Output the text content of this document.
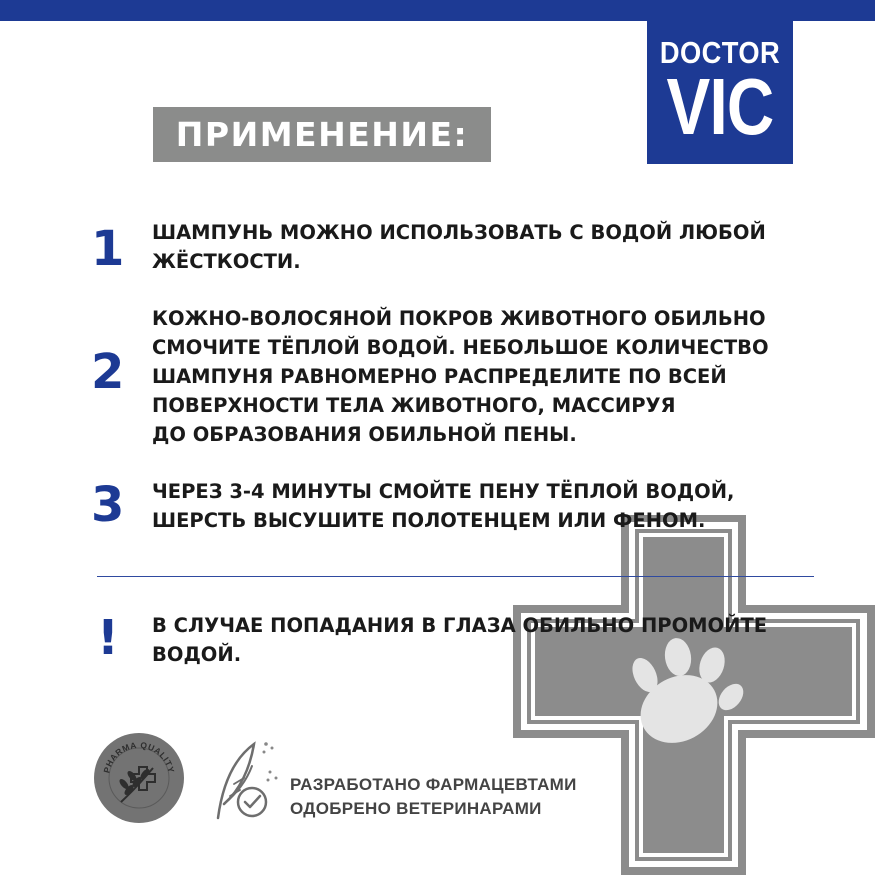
DOCTOR
VIC
ПРИМЕНЕНИЕ:
1 ШАМПУНЬ МОЖНО ИСПОЛЬЗОВАТЬ С ВОДОЙ ЛЮБОЙ
ЖЁСТКОСТИ.
2
КОЖНО-ВОЛОСЯНОЙ ПОКРОВ ЖИВОТНОГО ОБИЛЬНО
СМОЧИТЕ ТЁПЛОЙ ВОДОЙ. НЕБОЛЬШОЕ КОЛИЧЕСТВО
ШАМПУНЯ РАВНОМЕРНО РАСПРЕДЕЛИТЕ ПО ВСЕЙ
ПОВЕРХНОСТИ ТЕЛА ЖИВОТНОГО, МАССИРУЯ
ДО ОБРАЗОВАНИЯ ОБИЛЬНОЙ ПЕНЫ.
3 ЧЕРЕЗ 3-4 МИНУТЫ СМОЙТЕ ПЕНУ ТЁПЛОЙ ВОДОЙ,
ШЕРСТЬ ВЫСУШИТЕ ПОЛОТЕНЦЕМ ИЛИ ФЕНОМ.
! В СЛУЧАЕ ПОПАДАНИЯ В ГЛАЗА ОБИЛЬНО ПРОМОЙТЕ
ВОДОЙ.
PHARMA QUALITY
РАЗРАБОТАНО ФАРМАЦЕВТАМИ
ОДОБРЕНО ВЕТЕРИНАРАМИ
